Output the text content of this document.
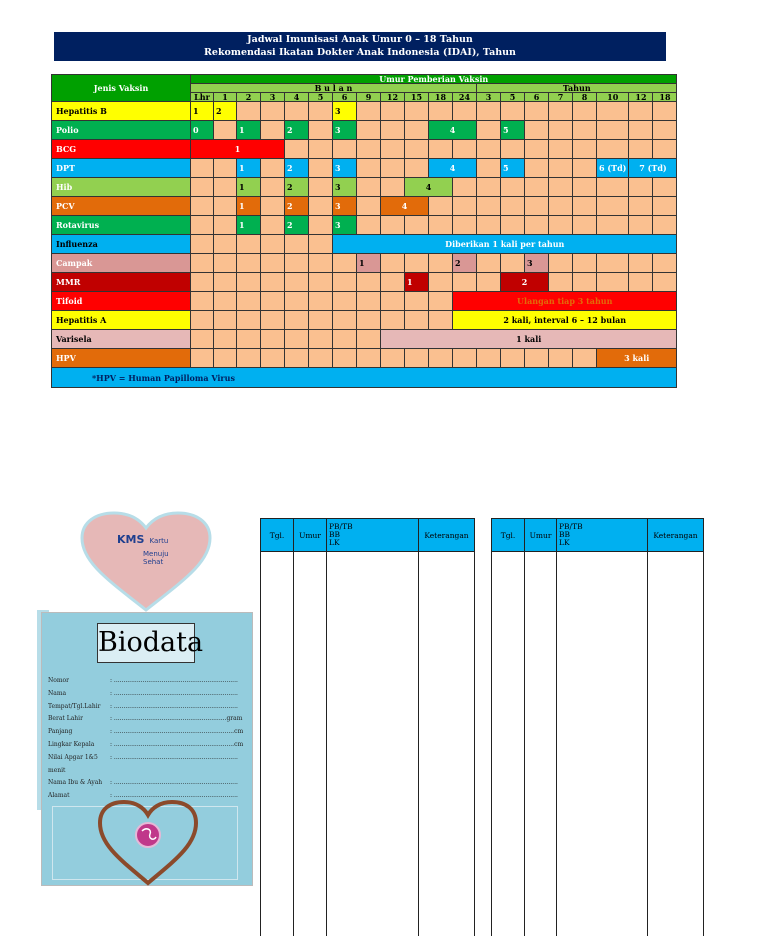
Jadwal Imunisasi Anak Umur 0 – 18 Tahun
Rekomendasi Ikatan Dokter Anak Indonesia (IDAI), Tahun
Jenis Vaksin	Umur Pemberian Vaksin																			
	B u l a n												Tahun							
	Lhr	1	2	3	4	5	6	9	12	15	18	24	3	5	6	7	8	10	12	18
Hepatitis B	1	2					3													
Polio	0		1		2		3				4			5						
BCG	1																			
DPT			1		2		3				4			5				6 (Td)	7 (Td)	
Hib			1		2		3			4										
PCV			1		2		3		4											
Rotavirus			1		2		3													
Influenza							Diberikan 1 kali per tahun													
Campak								1				2			3					
MMR										1				2						
Tifoid												Ulangan tiap 3 tahun								
Hepatitis A												2 kali, interval 6 – 12 bulan								
Varisela									1 kali											
HPV																		3 kali		
*HPV = Human Papilloma Virus																				
KMS Kartu
Menuju
Sehat
Biodata
Nomor	: .................................................................
Nama	: .................................................................
Tempat/Tgl.Lahir	: .................................................................
Berat Lahir	: ...........................................................gram
Panjang	: ...............................................................cm
Lingkar Kepala	: ...............................................................cm
Nilai Apgar 1&5 menit
: .................................................................
Nama Ibu & Ayah	: .................................................................
Alamat	: .................................................................
Tgl.	Umur	PB/TB
BB
LK	Keterangan
				Tgl.	Umur	PB/TB
BB
LK	Keterangan
